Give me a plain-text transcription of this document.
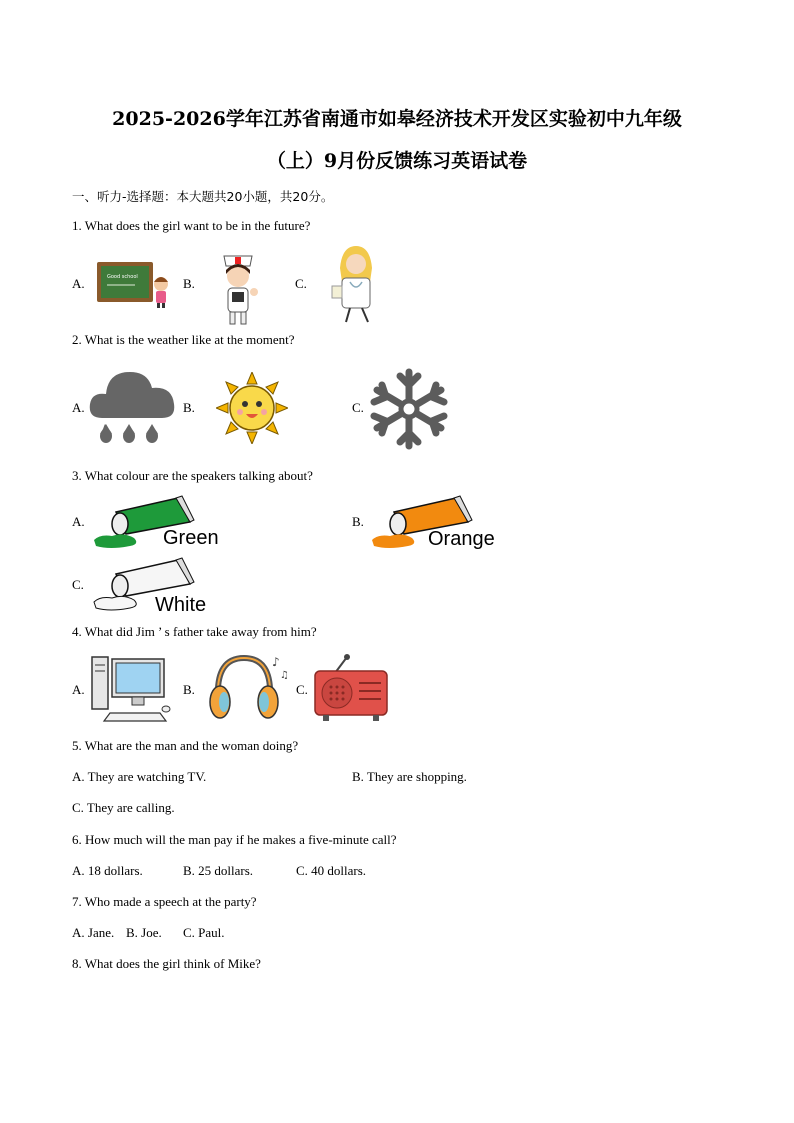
2025-2026学年江苏省南通市如皋经济技术开发区实验初中九年级
（上）9月份反馈练习英语试卷
一、听力-选择题：本大题共20小题，共20分。
1. What does the girl want to be in the future?
A.	Good school	B.	C.
2. What is the weather like at the moment?
A.	B.	C.
3. What colour are the speakers talking about?
A.
Green
B.
Orange
C.
White
4. What did Jim ’ s father take away from him?
A.	B.
♪
♫
C.
5. What are the man and the woman doing?
A. They are watching TV.	B. They are shopping.
C. They are calling.
6. How much will the man pay if he makes a five-minute call?
A. 18 dollars.	B. 25 dollars.	C. 40 dollars.
7. Who made a speech at the party?
A. Jane. B. Joe. C. Paul.
8. What does the girl think of Mike?
